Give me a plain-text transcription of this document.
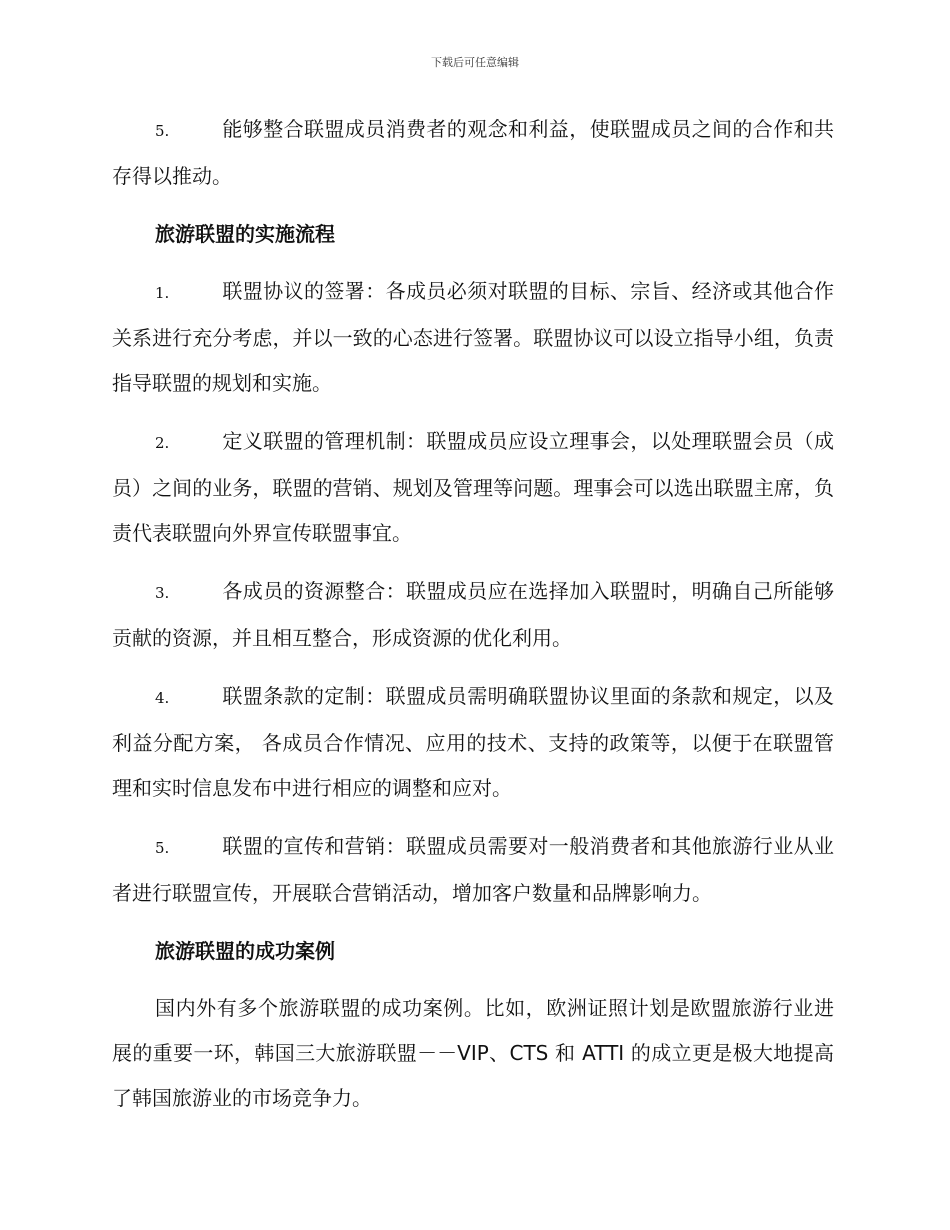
下载后可任意编辑

5.	能够整合联盟成员消费者的观念和利益，使联盟成员之间的合作和共存得以推动。

旅游联盟的实施流程

1.	联盟协议的签署：各成员必须对联盟的目标、宗旨、经济或其他合作关系进行充分考虑，并以一致的心态进行签署。联盟协议可以设立指导小组，负责指导联盟的规划和实施。

2.	定义联盟的管理机制：联盟成员应设立理事会，以处理联盟会员（成员）之间的业务，联盟的营销、规划及管理等问题。理事会可以选出联盟主席，负责代表联盟向外界宣传联盟事宜。

3.	各成员的资源整合：联盟成员应在选择加入联盟时，明确自己所能够贡献的资源，并且相互整合，形成资源的优化利用。

4.	联盟条款的定制：联盟成员需明确联盟协议里面的条款和规定，以及利益分配方案， 各成员合作情况、应用的技术、支持的政策等，以便于在联盟管理和实时信息发布中进行相应的调整和应对。

5.	联盟的宣传和营销：联盟成员需要对一般消费者和其他旅游行业从业者进行联盟宣传，开展联合营销活动，增加客户数量和品牌影响力。

旅游联盟的成功案例

国内外有多个旅游联盟的成功案例。比如，欧洲证照计划是欧盟旅游行业进展的重要一环，韩国三大旅游联盟－－VIP、CTS 和 ATTI 的成立更是极大地提高了韩国旅游业的市场竞争力。
